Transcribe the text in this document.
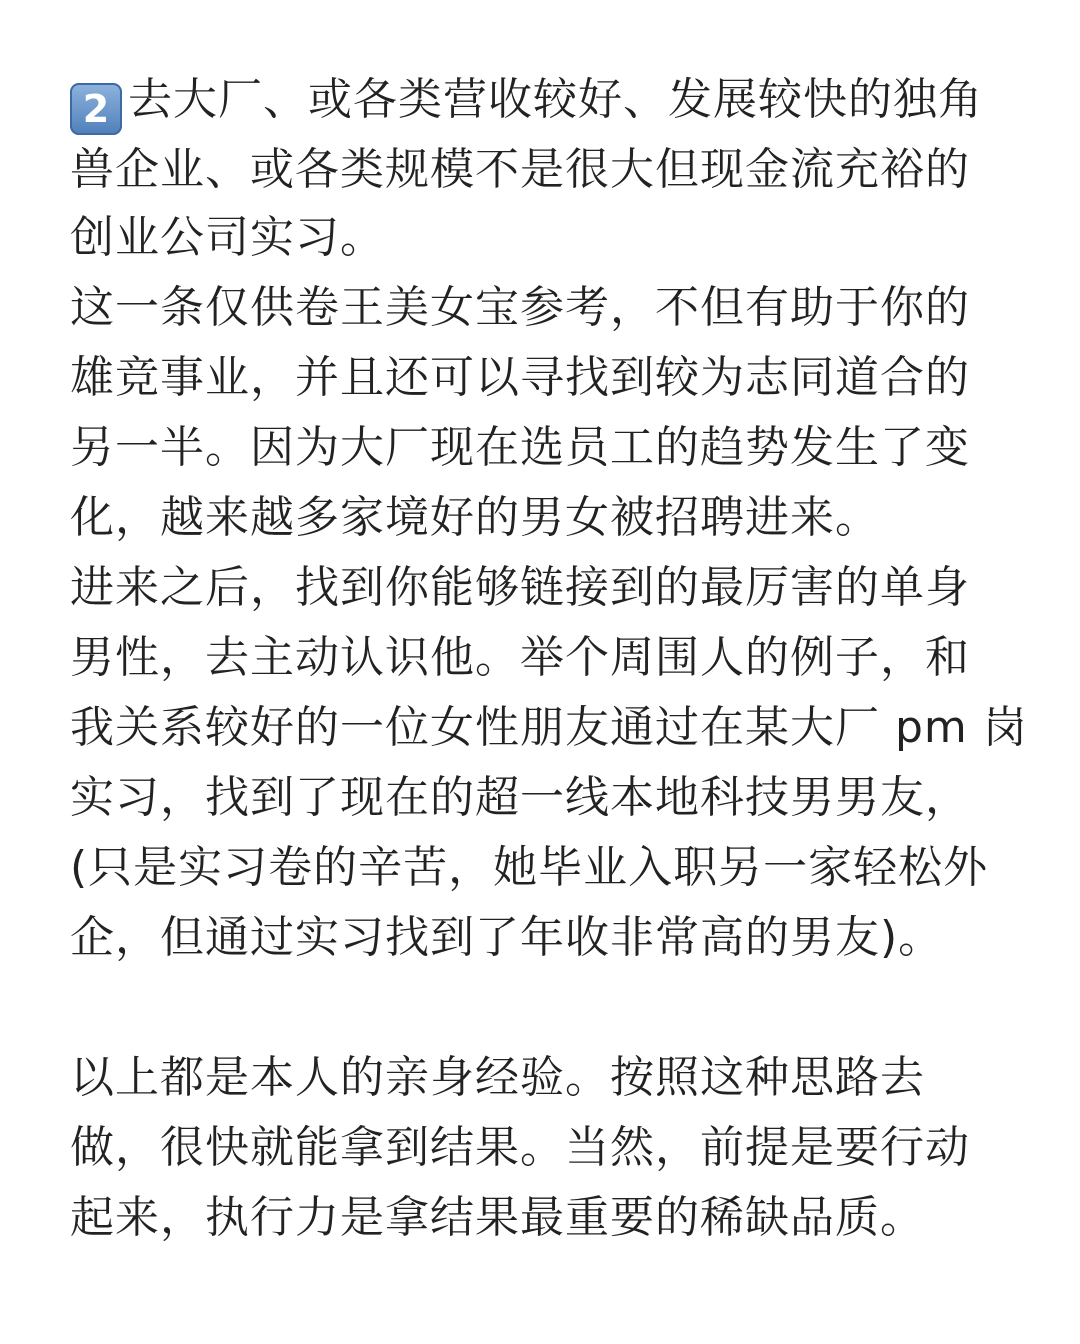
2 去大厂、或各类营收较好、发展较快的独角
兽企业、或各类规模不是很大但现金流充裕的
创业公司实习。
这一条仅供卷王美女宝参考，不但有助于你的
雄竞事业，并且还可以寻找到较为志同道合的
另一半。因为大厂现在选员工的趋势发生了变
化，越来越多家境好的男女被招聘进来。
进来之后，找到你能够链接到的最厉害的单身
男性，去主动认识他。举个周围人的例子，和
我关系较好的一位女性朋友通过在某大厂 pm 岗
实习，找到了现在的超一线本地科技男男友，
(只是实习卷的辛苦，她毕业入职另一家轻松外
企，但通过实习找到了年收非常高的男友)。
以上都是本人的亲身经验。按照这种思路去
做，很快就能拿到结果。当然，前提是要行动
起来，执行力是拿结果最重要的稀缺品质。
